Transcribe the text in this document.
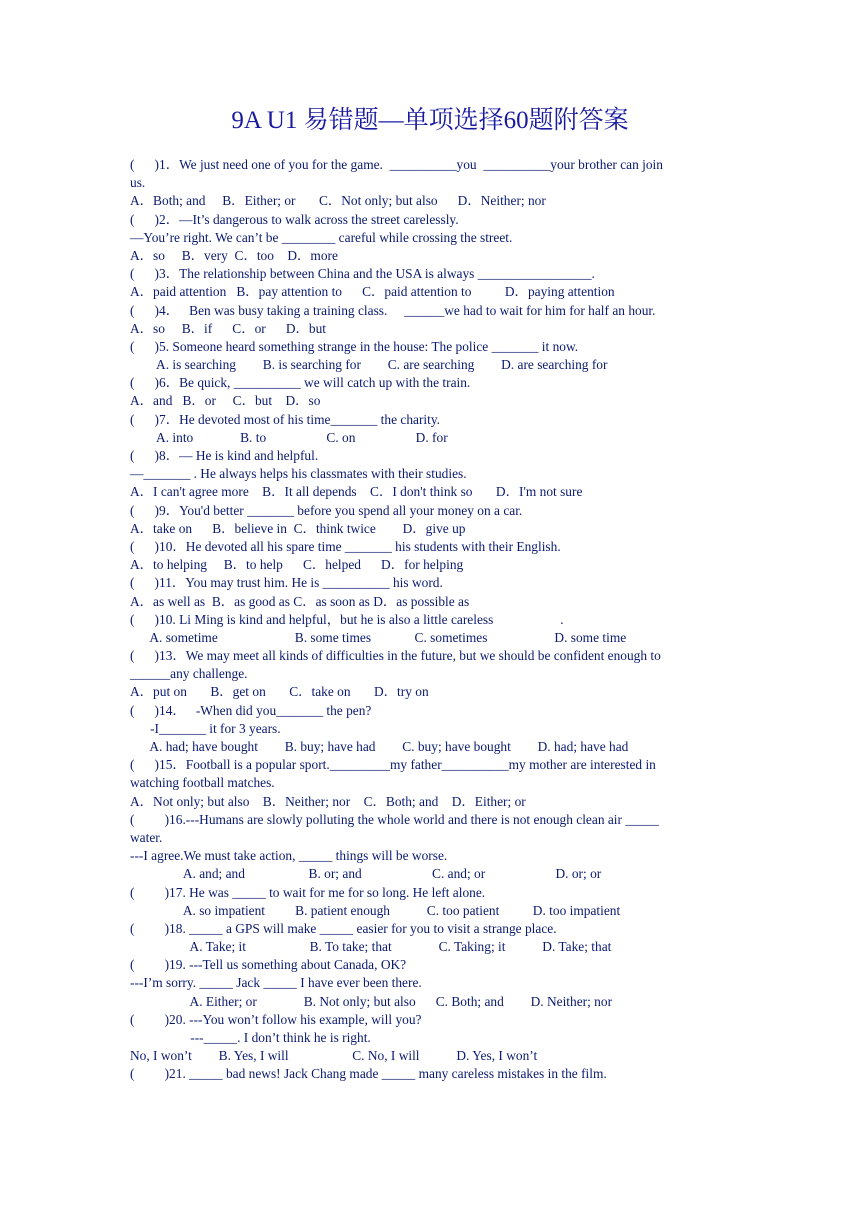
9A U1 易错题—单项选择60题附答案
(      )1．We just need one of you for the game.  __________you  __________your brother can join
us.
A．Both; and     B．Either; or       C．Not only; but also      D．Neither; nor
(      )2．—It’s dangerous to walk across the street carelessly.
—You’re right. We can’t be ________ careful while crossing the street.
A．so     B．very  C．too    D．more
(      )3．The relationship between China and the USA is always _________________.
A．paid attention   B．pay attention to      C．paid attention to          D．paying attention
(      )4．   Ben was busy taking a training class.     ______we had to wait for him for half an hour.
A．so     B．if      C．or      D．but
(      )5. Someone heard something strange in the house: The police _______ it now.
A. is searching        B. is searching for        C. are searching        D. are searching for
(      )6．Be quick, __________ we will catch up with the train.
A．and   B．or     C．but    D．so
(      )7．He devoted most of his time_______ the charity.
A. into              B. to                  C. on                  D. for
(      )8．— He is kind and helpful.
—_______ . He always helps his classmates with their studies.
A．I can't agree more    B．It all depends    C．I don't think so       D．I'm not sure
(      )9．You'd better _______ before you spend all your money on a car.
A．take on      B．believe in  C．think twice        D．give up
(      )10．He devoted all his spare time _______ his students with their English.
A．to helping     B．to help      C．helped      D．for helping
(      )11．You may trust him. He is __________ his word.
A．as well as  B．as good as C．as soon as D．as possible as
(      )10. Li Ming is kind and helpful，but he is also a little careless                    .
A. sometime                       B. some times             C. sometimes                    D. some time
(      )13．We may meet all kinds of difficulties in the future, but we should be confident enough to
______any challenge.
A．put on       B．get on       C．take on       D．try on
(      )14．   -When did you_______ the pen?
-I_______ it for 3 years.
A. had; have bought        B. buy; have had        C. buy; have bought        D. had; have had
(      )15．Football is a popular sport._________my father__________my mother are interested in
watching football matches.
A．Not only; but also    B．Neither; nor    C．Both; and    D．Either; or
(         )16.---Humans are slowly polluting the whole world and there is not enough clean air _____
water.
---I agree.We must take action, _____ things will be worse.
A. and; and                   B. or; and                     C. and; or                     D. or; or
(         )17. He was _____ to wait for me for so long. He left alone.
A. so impatient         B. patient enough           C. too patient          D. too impatient
(         )18. _____ a GPS will make _____ easier for you to visit a strange place.
A. Take; it                   B. To take; that              C. Taking; it           D. Take; that
(         )19. ---Tell us something about Canada, OK?
---I’m sorry. _____ Jack _____ I have ever been there.
A. Either; or              B. Not only; but also      C. Both; and        D. Neither; nor
(         )20. ---You won’t follow his example, will you?
---_____. I don’t think he is right.
No, I won’t        B. Yes, I will                   C. No, I will           D. Yes, I won’t
(         )21. _____ bad news! Jack Chang made _____ many careless mistakes in the film.
